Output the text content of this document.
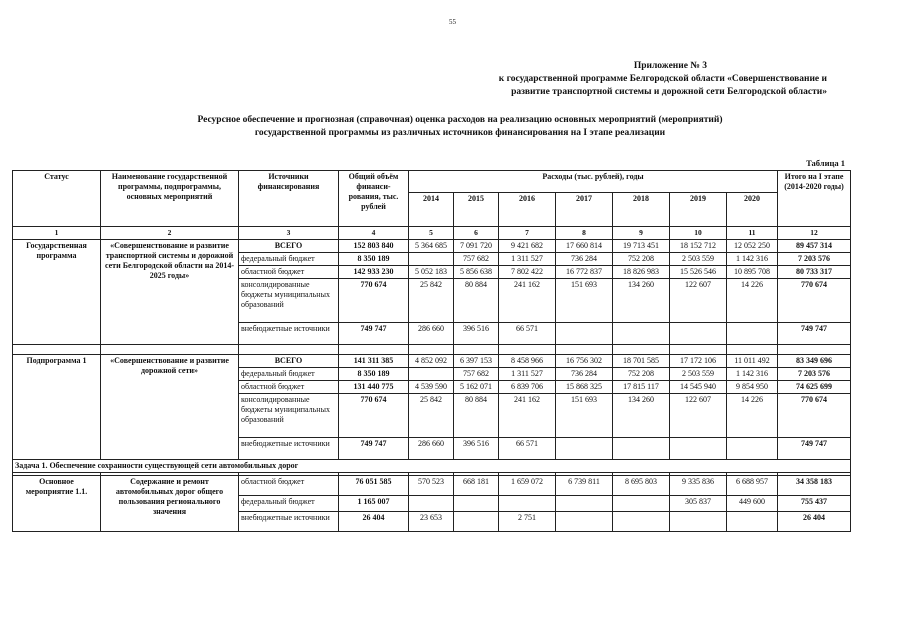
55
Приложение № 3
к государственной программе Белгородской области «Совершенствование и
развитие транспортной системы и дорожной сети Белгородской области»
Ресурсное обеспечение и прогнозная (справочная) оценка расходов на реализацию основных мероприятий (мероприятий)
государственной программы из различных источников финансирования на I этапе реализации
Таблица 1
Статус	Наименование государственной программы, подпрограммы, основных мероприятий	Источники финансирования	Общий объём финанси- рования, тыс. рублей	Расходы (тыс. рублей), годы							Итого на I этапе (2014-2020 годы)
				2014	2015	2016	2017	2018	2019	2020	
1	2	3	4	5	6	7	8	9	10	11	12
Государственная программа	«Совершенствование и развитие транспортной системы и дорожной сети Белгородской области на 2014-2025 годы»	ВСЕГО	152 803 840	5 364 685	7 091 720	9 421 682	17 660 814	19 713 451	18 152 712	12 052 250	89 457 314
		федеральный бюджет	8 350 189		757 682	1 311 527	736 284	752 208	2 503 559	1 142 316	7 203 576
		областной бюджет	142 933 230	5 052 183	5 856 638	7 802 422	16 772 837	18 826 983	15 526 546	10 895 708	80 733 317
		консолидированные бюджеты муниципальных образований	770 674	25 842	80 884	241 162	151 693	134 260	122 607	14 226	770 674
		внебюджетные источники	749 747	286 660	396 516	66 571					749 747

Подпрограмма 1	«Совершенствование и развитие дорожной сети»	ВСЕГО	141 311 385	4 852 092	6 397 153	8 458 966	16 756 302	18 701 585	17 172 106	11 011 492	83 349 696
		федеральный бюджет	8 350 189		757 682	1 311 527	736 284	752 208	2 503 559	1 142 316	7 203 576
		областной бюджет	131 440 775	4 539 590	5 162 071	6 839 706	15 868 325	17 815 117	14 545 940	9 854 950	74 625 699
		консолидированные бюджеты муниципальных образований	770 674	25 842	80 884	241 162	151 693	134 260	122 607	14 226	770 674
		внебюджетные источники	749 747	286 660	396 516	66 571					749 747
Задача 1. Обеспечение сохранности существующей сети автомобильных дорог											

Основное мероприятие 1.1.	Содержание и ремонт автомобильных дорог общего пользования регионального значения	областной бюджет	76 051 585	570 523	668 181	1 659 072	6 739 811	8 695 803	9 335 836	6 688 957	34 358 183
		федеральный бюджет	1 165 007						305 837	449 600	755 437
		внебюджетные источники	26 404	23 653		2 751					26 404
